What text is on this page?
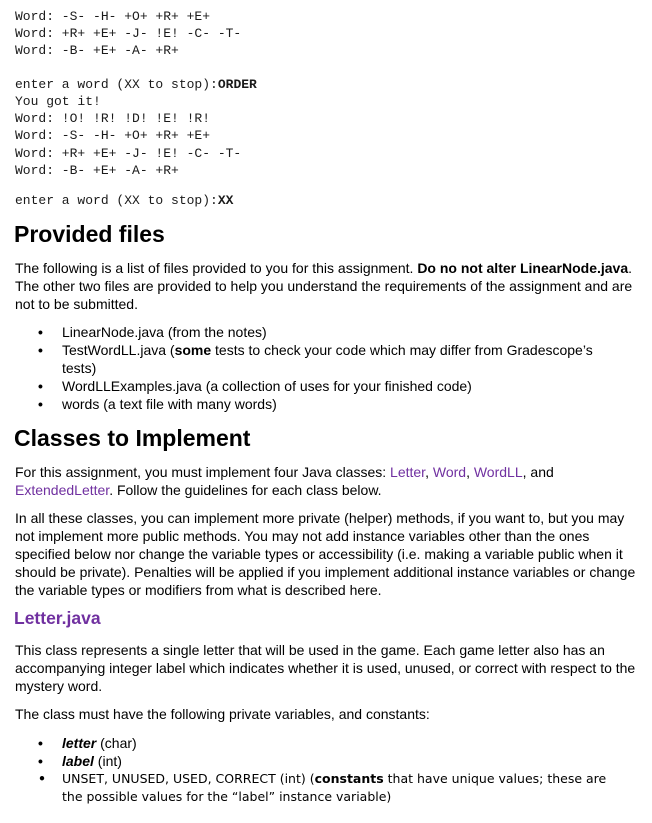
Word: -S- -H- +O+ +R+ +E+
Word: +R+ +E+ -J- !E! -C- -T-
Word: -B- +E+ -A- +R+
enter a word (XX to stop):ORDER
You got it!
Word: !O! !R! !D! !E! !R!
Word: -S- -H- +O+ +R+ +E+
Word: +R+ +E+ -J- !E! -C- -T-
Word: -B- +E+ -A- +R+
enter a word (XX to stop):XX
Provided files

The following is a list of files provided to you for this assignment. Do no not alter LinearNode.java. The other two files are provided to help you understand the requirements of the assignment and are not to be submitted.

•	LinearNode.java (from the notes)
•	TestWordLL.java (some tests to check your code which may differ from Gradescope’s tests)
•	WordLLExamples.java (a collection of uses for your finished code)
•	words (a text file with many words)
Classes to Implement

For this assignment, you must implement four Java classes: Letter, Word, WordLL, and ExtendedLetter. Follow the guidelines for each class below.

In all these classes, you can implement more private (helper) methods, if you want to, but you may not implement more public methods. You may not add instance variables other than the ones specified below nor change the variable types or accessibility (i.e. making a variable public when it should be private). Penalties will be applied if you implement additional instance variables or change the variable types or modifiers from what is described here.

Letter.java

This class represents a single letter that will be used in the game. Each game letter also has an accompanying integer label which indicates whether it is used, unused, or correct with respect to the mystery word.

The class must have the following private variables, and constants:

•	letter (char)
•	label (int)
• UNSET, UNUSED, USED, CORRECT (int) (constants that have unique values; these are the possible values for the “label” instance variable)
